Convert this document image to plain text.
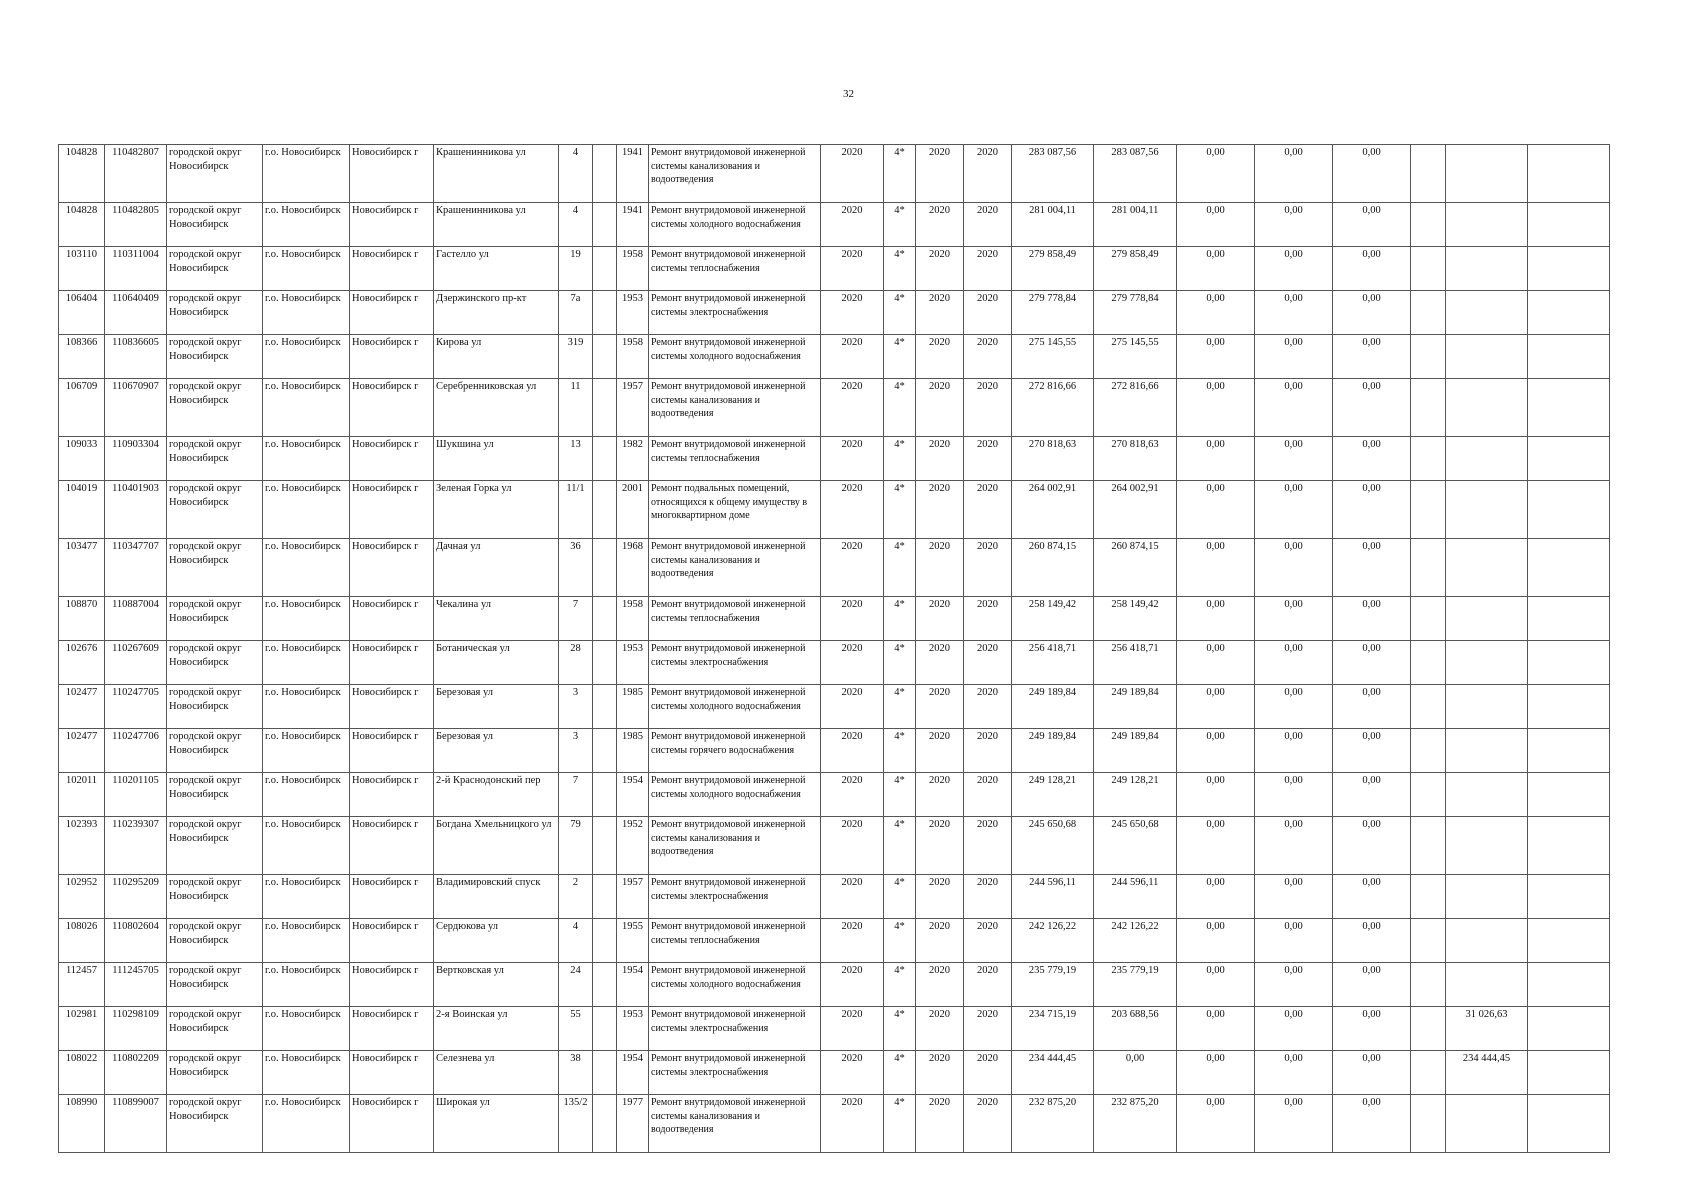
32
104828	110482807	городской округ Новосибирск	г.о. Новосибирск	Новосибирск г	Крашенинникова ул	4		1941	Ремонт внутридомовой инженерной системы канализования и водоотведения	2020	4*	2020	2020	283 087,56	283 087,56	0,00	0,00	0,00			
104828	110482805	городской округ Новосибирск	г.о. Новосибирск	Новосибирск г	Крашенинникова ул	4		1941	Ремонт внутридомовой инженерной системы холодного водоснабжения	2020	4*	2020	2020	281 004,11	281 004,11	0,00	0,00	0,00			
103110	110311004	городской округ Новосибирск	г.о. Новосибирск	Новосибирск г	Гастелло ул	19		1958	Ремонт внутридомовой инженерной системы теплоснабжения	2020	4*	2020	2020	279 858,49	279 858,49	0,00	0,00	0,00			
106404	110640409	городской округ Новосибирск	г.о. Новосибирск	Новосибирск г	Дзержинского пр-кт	7а		1953	Ремонт внутридомовой инженерной системы электроснабжения	2020	4*	2020	2020	279 778,84	279 778,84	0,00	0,00	0,00			
108366	110836605	городской округ Новосибирск	г.о. Новосибирск	Новосибирск г	Кирова ул	319		1958	Ремонт внутридомовой инженерной системы холодного водоснабжения	2020	4*	2020	2020	275 145,55	275 145,55	0,00	0,00	0,00			
106709	110670907	городской округ Новосибирск	г.о. Новосибирск	Новосибирск г	Серебренниковская ул	11		1957	Ремонт внутридомовой инженерной системы канализования и водоотведения	2020	4*	2020	2020	272 816,66	272 816,66	0,00	0,00	0,00			
109033	110903304	городской округ Новосибирск	г.о. Новосибирск	Новосибирск г	Шукшина ул	13		1982	Ремонт внутридомовой инженерной системы теплоснабжения	2020	4*	2020	2020	270 818,63	270 818,63	0,00	0,00	0,00			
104019	110401903	городской округ Новосибирск	г.о. Новосибирск	Новосибирск г	Зеленая Горка ул	11/1		2001	Ремонт подвальных помещений, относящихся к общему имуществу в многоквартирном доме	2020	4*	2020	2020	264 002,91	264 002,91	0,00	0,00	0,00			
103477	110347707	городской округ Новосибирск	г.о. Новосибирск	Новосибирск г	Дачная ул	36		1968	Ремонт внутридомовой инженерной системы канализования и водоотведения	2020	4*	2020	2020	260 874,15	260 874,15	0,00	0,00	0,00			
108870	110887004	городской округ Новосибирск	г.о. Новосибирск	Новосибирск г	Чекалина ул	7		1958	Ремонт внутридомовой инженерной системы теплоснабжения	2020	4*	2020	2020	258 149,42	258 149,42	0,00	0,00	0,00			
102676	110267609	городской округ Новосибирск	г.о. Новосибирск	Новосибирск г	Ботаническая ул	28		1953	Ремонт внутридомовой инженерной системы электроснабжения	2020	4*	2020	2020	256 418,71	256 418,71	0,00	0,00	0,00			
102477	110247705	городской округ Новосибирск	г.о. Новосибирск	Новосибирск г	Березовая ул	3		1985	Ремонт внутридомовой инженерной системы холодного водоснабжения	2020	4*	2020	2020	249 189,84	249 189,84	0,00	0,00	0,00			
102477	110247706	городской округ Новосибирск	г.о. Новосибирск	Новосибирск г	Березовая ул	3		1985	Ремонт внутридомовой инженерной системы горячего водоснабжения	2020	4*	2020	2020	249 189,84	249 189,84	0,00	0,00	0,00			
102011	110201105	городской округ Новосибирск	г.о. Новосибирск	Новосибирск г	2-й Краснодонский пер	7		1954	Ремонт внутридомовой инженерной системы холодного водоснабжения	2020	4*	2020	2020	249 128,21	249 128,21	0,00	0,00	0,00			
102393	110239307	городской округ Новосибирск	г.о. Новосибирск	Новосибирск г	Богдана Хмельницкого ул	79		1952	Ремонт внутридомовой инженерной системы канализования и водоотведения	2020	4*	2020	2020	245 650,68	245 650,68	0,00	0,00	0,00			
102952	110295209	городской округ Новосибирск	г.о. Новосибирск	Новосибирск г	Владимировский спуск	2		1957	Ремонт внутридомовой инженерной системы электроснабжения	2020	4*	2020	2020	244 596,11	244 596,11	0,00	0,00	0,00			
108026	110802604	городской округ Новосибирск	г.о. Новосибирск	Новосибирск г	Сердюкова ул	4		1955	Ремонт внутридомовой инженерной системы теплоснабжения	2020	4*	2020	2020	242 126,22	242 126,22	0,00	0,00	0,00			
112457	111245705	городской округ Новосибирск	г.о. Новосибирск	Новосибирск г	Вертковская ул	24		1954	Ремонт внутридомовой инженерной системы холодного водоснабжения	2020	4*	2020	2020	235 779,19	235 779,19	0,00	0,00	0,00			
102981	110298109	городской округ Новосибирск	г.о. Новосибирск	Новосибирск г	2-я Воинская ул	55		1953	Ремонт внутридомовой инженерной системы электроснабжения	2020	4*	2020	2020	234 715,19	203 688,56	0,00	0,00	0,00		31 026,63	
108022	110802209	городской округ Новосибирск	г.о. Новосибирск	Новосибирск г	Селезнева ул	38		1954	Ремонт внутридомовой инженерной системы электроснабжения	2020	4*	2020	2020	234 444,45	0,00	0,00	0,00	0,00		234 444,45	
108990	110899007	городской округ Новосибирск	г.о. Новосибирск	Новосибирск г	Широкая ул	135/2		1977	Ремонт внутридомовой инженерной системы канализования и водоотведения	2020	4*	2020	2020	232 875,20	232 875,20	0,00	0,00	0,00			
